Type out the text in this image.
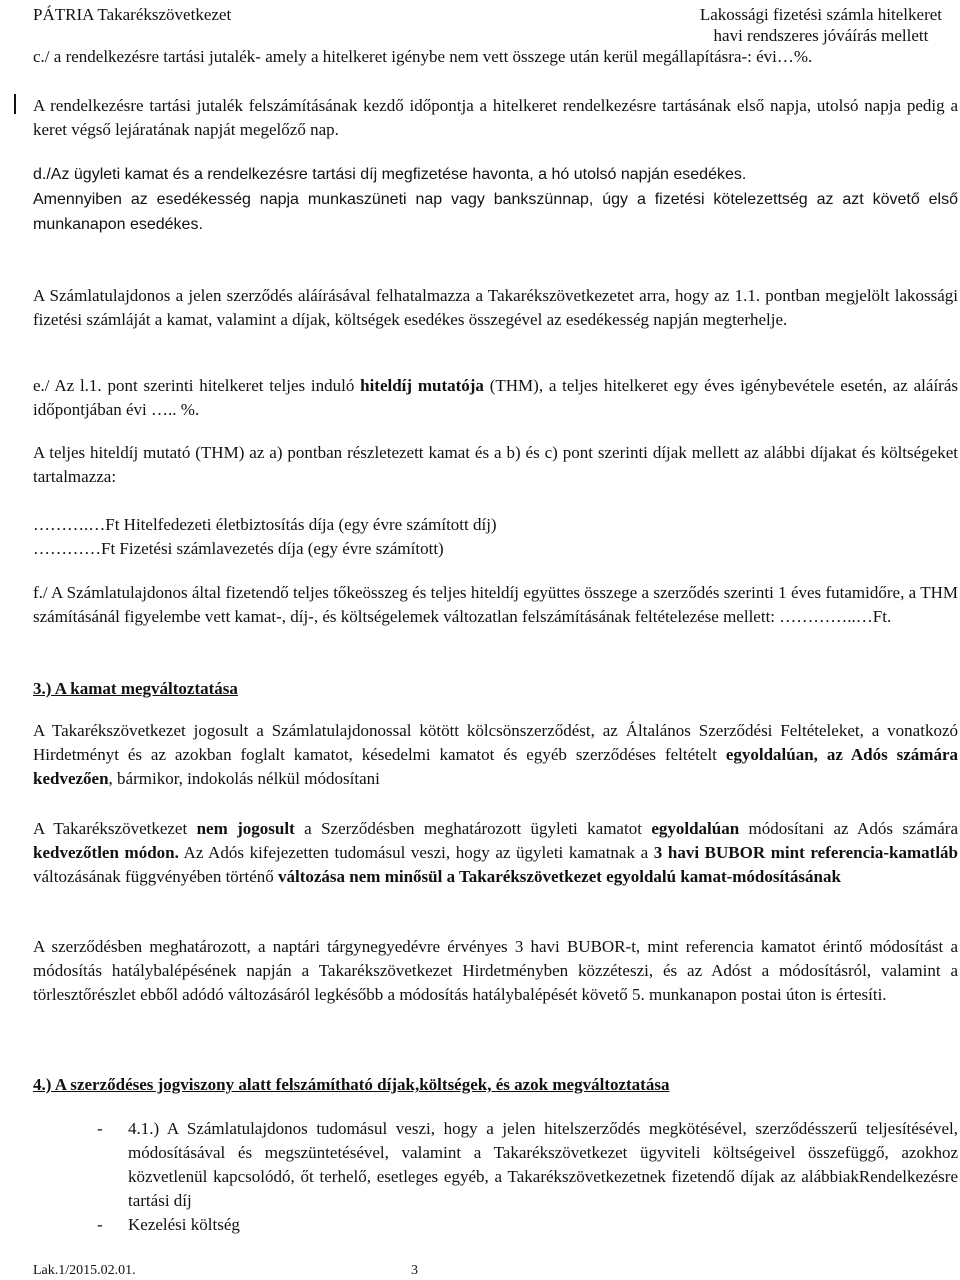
PÁTRIA Takarékszövetkezet	Lakossági fizetési számla hitelkeret
havi rendszeres jóváírás mellett
c./ a rendelkezésre tartási jutalék- amely a hitelkeret igénybe nem vett összege után kerül megállapításra-: évi…%.
A rendelkezésre tartási jutalék felszámításának kezdő időpontja a hitelkeret rendelkezésre tartásának első napja, utolsó napja pedig a keret végső lejáratának napját megelőző nap.
d./Az ügyleti kamat és a rendelkezésre tartási díj megfizetése havonta, a hó utolsó napján esedékes.
Amennyiben az esedékesség napja munkaszüneti nap vagy bankszünnap, úgy a fizetési kötelezettség az azt követő első munkanapon esedékes.
A Számlatulajdonos a jelen szerződés aláírásával felhatalmazza a Takarékszövetkezetet arra, hogy az 1.1. pontban megjelölt lakossági fizetési számláját a kamat, valamint a díjak, költségek esedékes összegével az esedékesség napján megterhelje.
e./ Az l.1. pont szerinti hitelkeret teljes induló hiteldíj mutatója (THM), a teljes hitelkeret egy éves igénybevétele esetén, az aláírás időpontjában évi ….. %.
A teljes hiteldíj mutató (THM) az a) pontban részletezett kamat és a b) és c) pont szerinti díjak mellett az alábbi díjakat és költségeket tartalmazza:
……….…Ft Hitelfedezeti életbiztosítás díja (egy évre számított díj)
…………Ft Fizetési számlavezetés díja (egy évre számított)
f./ A Számlatulajdonos által fizetendő teljes tőkeösszeg és teljes hiteldíj együttes összege a szerződés szerinti 1 éves futamidőre, a THM számításánál figyelembe vett kamat-, díj-, és költségelemek változatlan felszámításának feltételezése mellett: …………..…Ft.
3.) A kamat megváltoztatása
A Takarékszövetkezet jogosult a Számlatulajdonossal kötött kölcsönszerződést, az Általános Szerződési Feltételeket, a vonatkozó Hirdetményt és az azokban foglalt kamatot, késedelmi kamatot és egyéb szerződéses feltételt egyoldalúan, az Adós számára kedvezően, bármikor, indokolás nélkül módosítani
A Takarékszövetkezet nem jogosult a Szerződésben meghatározott ügyleti kamatot egyoldalúan módosítani az Adós számára kedvezőtlen módon. Az Adós kifejezetten tudomásul veszi, hogy az ügyleti kamatnak a 3 havi BUBOR mint referencia-kamatláb változásának függvényében történő változása nem minősül a Takarékszövetkezet egyoldalú kamat-módosításának
A szerződésben meghatározott, a naptári tárgynegyedévre érvényes 3 havi BUBOR-t, mint referencia kamatot érintő módosítást a módosítás hatálybalépésének napján a Takarékszövetkezet Hirdetményben közzéteszi, és az Adóst a módosításról, valamint a törlesztőrészlet ebből adódó változásáról legkésőbb a módosítás hatálybalépését követő 5. munkanapon postai úton is értesíti.
4.) A szerződéses jogviszony alatt felszámítható díjak,költségek, és azok megváltoztatása
- 4.1.) A Számlatulajdonos tudomásul veszi, hogy a jelen hitelszerződés megkötésével, szerződésszerű teljesítésével, módosításával és megszüntetésével, valamint a Takarékszövetkezet ügyviteli költségeivel összefüggő, azokhoz közvetlenül kapcsolódó, őt terhelő, esetleges egyéb, a Takarékszövetkezetnek fizetendő díjak az alábbiakRendelkezésre tartási díj
- Kezelési költség
Lak.1/2015.02.01.	3
